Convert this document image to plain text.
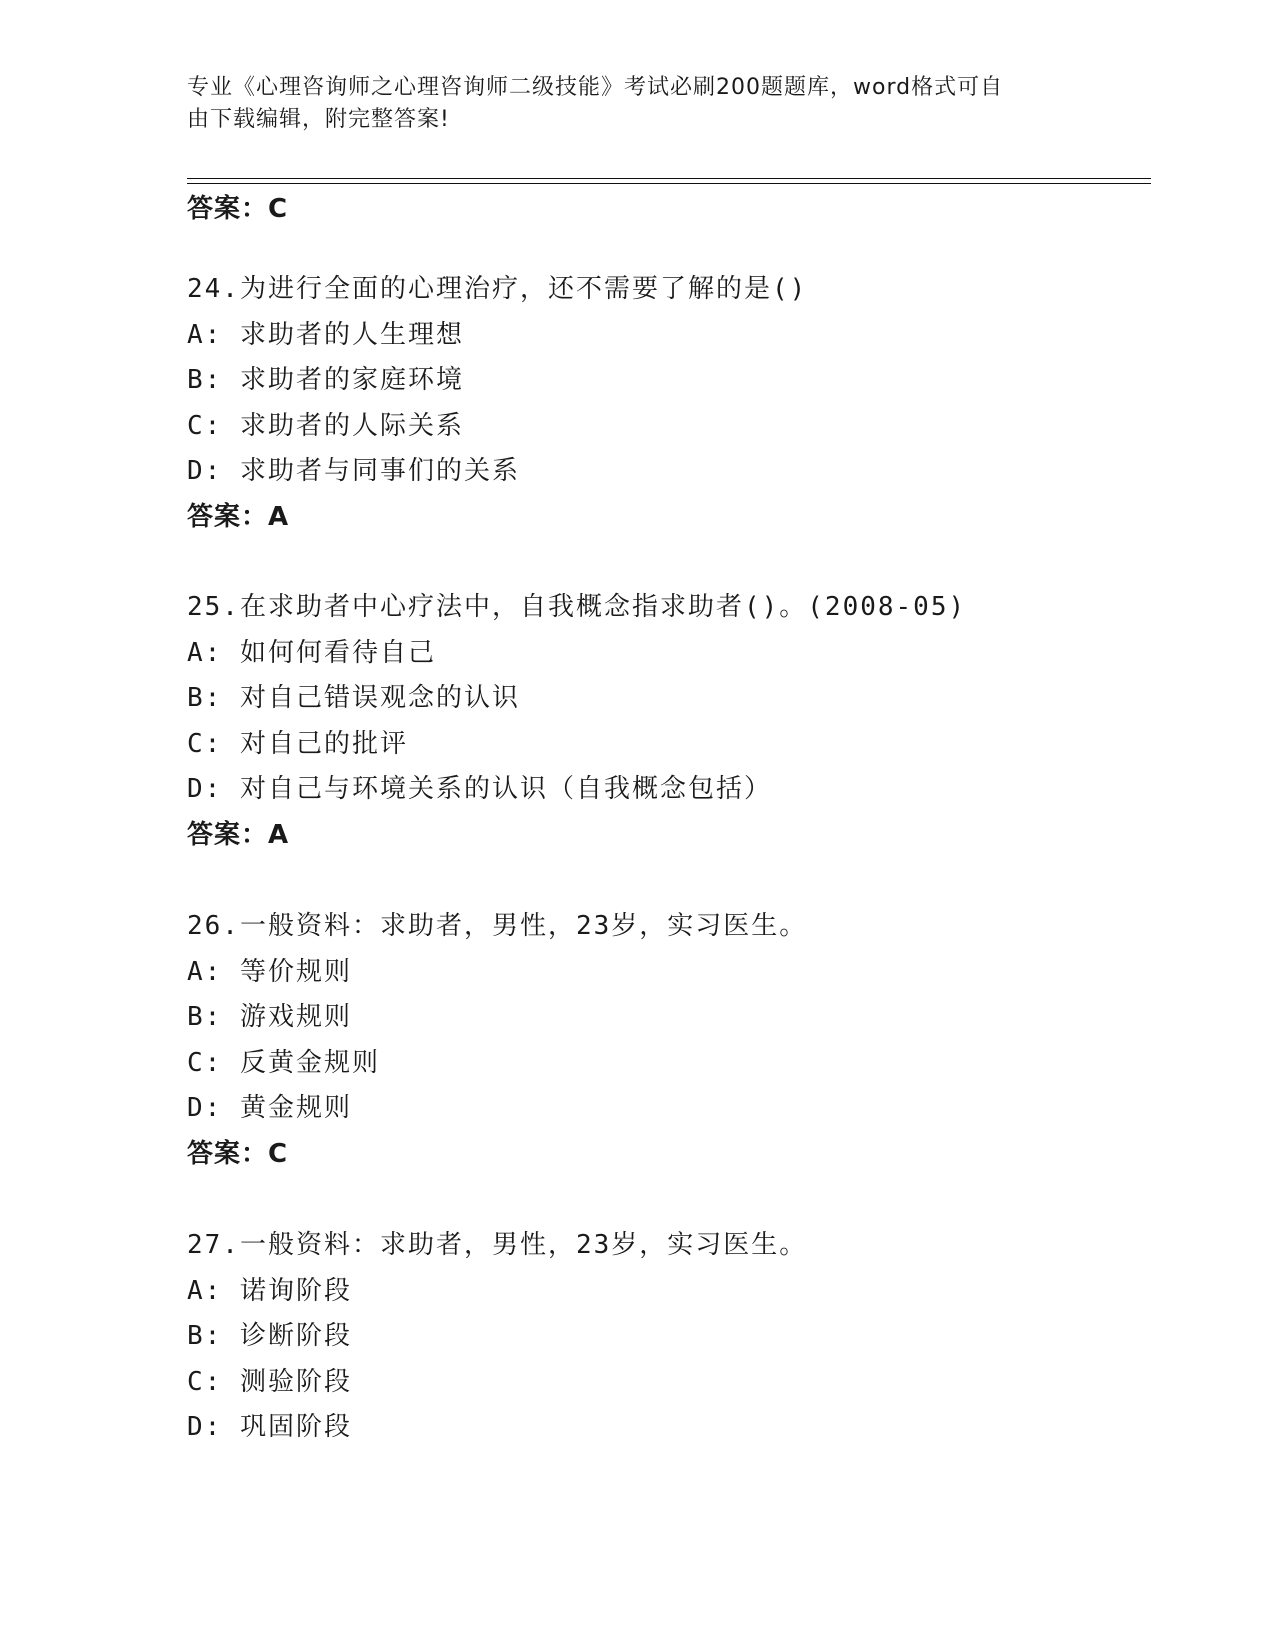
专业《心理咨询师之心理咨询师二级技能》考试必刷200题题库，word格式可自
由下载编辑，附完整答案!
答案：C
24.为进行全面的心理治疗，还不需要了解的是()
A: 求助者的人生理想
B: 求助者的家庭环境
C: 求助者的人际关系
D: 求助者与同事们的关系
答案：A
25.在求助者中心疗法中，自我概念指求助者()。(2008-05)
A: 如何何看待自己
B: 对自己错误观念的认识
C: 对自己的批评
D: 对自己与环境关系的认识（自我概念包括）
答案：A
26.一般资料：求助者，男性，23岁，实习医生。
A: 等价规则
B: 游戏规则
C: 反黄金规则
D: 黄金规则
答案：C
27.一般资料：求助者，男性，23岁，实习医生。
A: 诺询阶段
B: 诊断阶段
C: 测验阶段
D: 巩固阶段
